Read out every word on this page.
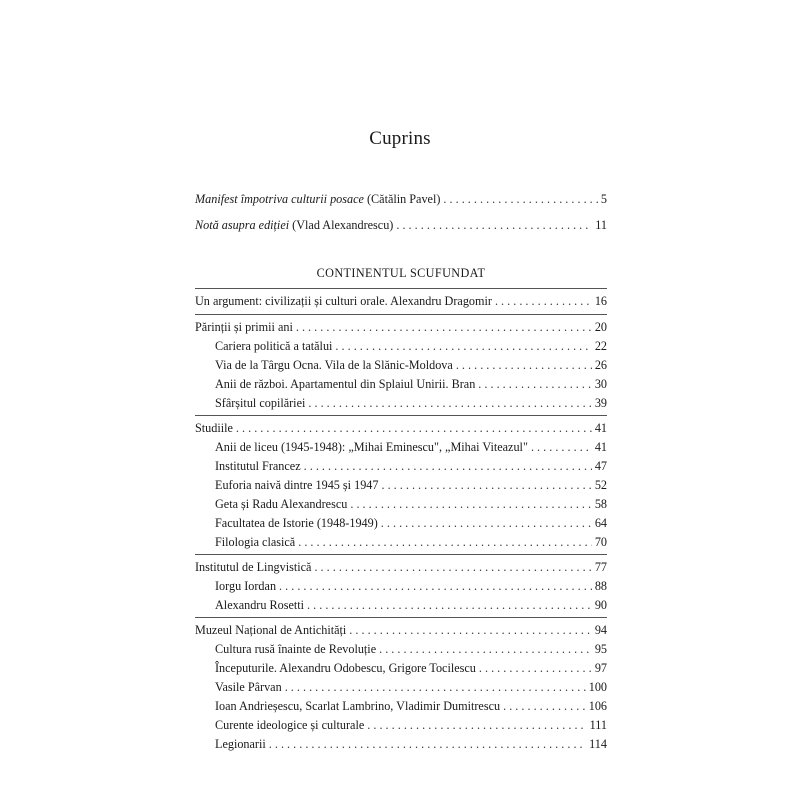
Cuprins
Manifest împotriva culturii posace (Cătălin Pavel) . . .	5
Notă asupra ediției (Vlad Alexandrescu) . . .	11
CONTINENTUL SCUFUNDAT
Un argument: civilizații și culturi orale. Alexandru Dragomir . . .	16
Părinții și primii ani . . .	20
Cariera politică a tatălui . . .	22
Via de la Târgu Ocna. Vila de la Slănic-Moldova . . .	26
Anii de război. Apartamentul din Splaiul Unirii. Bran . . .	30
Sfârșitul copilăriei . . .	39
Studiile . . .	41
Anii de liceu (1945-1948): „Mihai Eminescu", „Mihai Viteazul" . . .	41
Institutul Francez . . .	47
Euforia naivă dintre 1945 și 1947 . . .	52
Geta și Radu Alexandrescu . . .	58
Facultatea de Istorie (1948-1949) . . .	64
Filologia clasică . . .	70
Institutul de Lingvistică . . .	77
Iorgu Iordan . . .	88
Alexandru Rosetti . . .	90
Muzeul Național de Antichități . . .	94
Cultura rusă înainte de Revoluție . . .	95
Începuturile. Alexandru Odobescu, Grigore Tocilescu . . .	97
Vasile Pârvan . . .	100
Ioan Andrieșescu, Scarlat Lambrino, Vladimir Dumitrescu . . .	106
Curente ideologice și culturale . . .	111
Legionarii . . .	114
